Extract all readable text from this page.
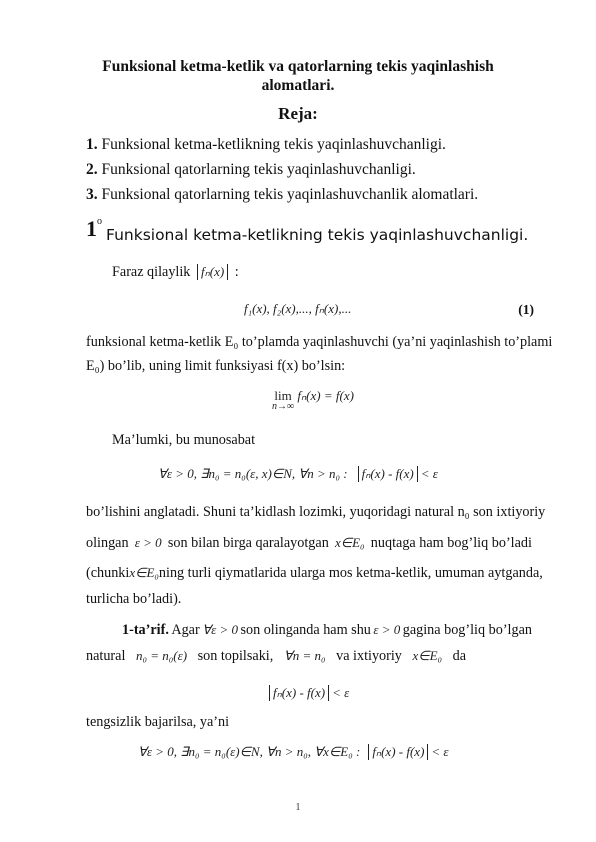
Funksional ketma-ketlik va qatorlarning tekis yaqinlashish
alomatlari.
Reja:
1. Funksional ketma-ketlikning tekis yaqinlashuvchanligi.
2. Funksional qatorlarning tekis yaqinlashuvchanligi.
3. Funksional qatorlarning tekis yaqinlashuvchanlik alomatlari.
1$^o$
Funksional ketma-ketlikning tekis yaqinlashuvchanligi.
Faraz qilaylik fₙ(x) :
f₁(x), f₂(x),..., fₙ(x),...	(1)
funksional ketma-ketlik E₀ to’plamda yaqinlashuvchi (ya’ni yaqinlashish to’plami
E₀) bo’lib, uning limit funksiyasi f(x) bo’lsin:
lim
n→∞
fₙ(x) = f(x)
Ma’lumki, bu munosabat
∀ε > 0, ∃n₀ = n₀(ε, x)∈N, ∀n > n₀ : fₙ(x) - f(x) < ε
bo’lishini anglatadi. Shuni ta’kidlash lozimki, yuqoridagi natural n₀ son ixtiyoriy
olingan ε > 0 son bilan birga qaralayotgan x∈E₀ nuqtaga ham bog’liq bo’ladi
(chunki x∈E₀ ning turli qiymatlarida ularga mos ketma-ketlik, umuman aytganda,
turlicha bo’ladi).
1-ta’rif. Agar ∀ε > 0 son olinganda ham shu ε > 0 gagina bog’liq bo’lgan
natural n₀ = n₀(ε) son topilsaki, ∀n = n₀ va ixtiyoriy x∈E₀ da
fₙ(x) - f(x) < ε
tengsizlik bajarilsa, ya’ni
∀ε > 0, ∃n₀ = n₀(ε)∈N, ∀n > n₀, ∀x∈E₀ : fₙ(x) - f(x) < ε
1
